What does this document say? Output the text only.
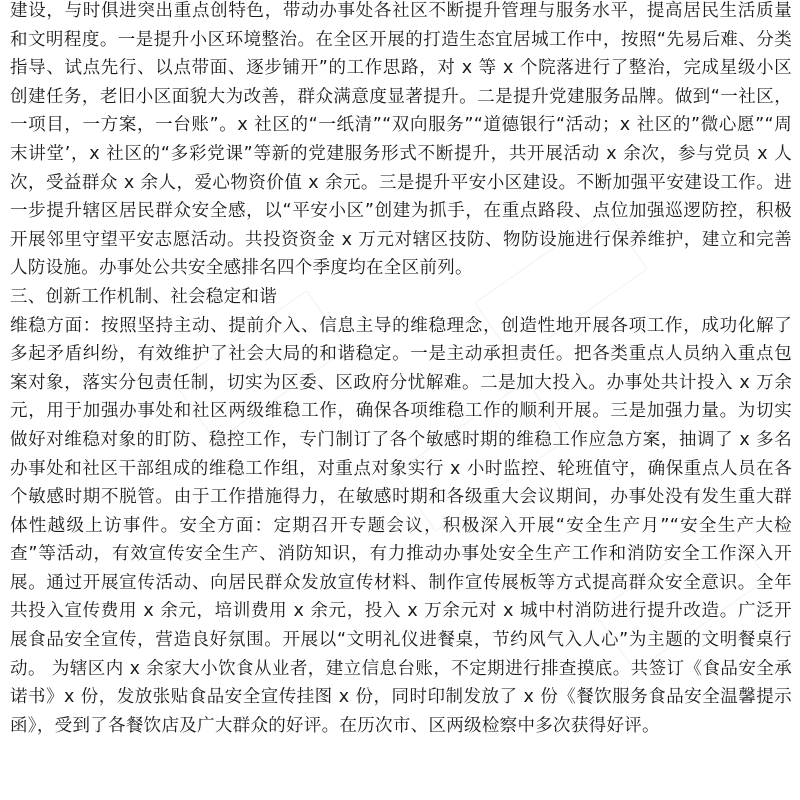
建设，与时俱进突出重点创特色，带动办事处各社区不断提升管理与服务水平，提高居民生活质量和文明程度。一是提升小区环境整治。在全区开展的打造生态宜居城工作中，按照“先易后难、分类指导、试点先行、以点带面、逐步铺开”的工作思路，对 x 等 x 个院落进行了整治，完成星级小区创建任务，老旧小区面貌大为改善，群众满意度显著提升。二是提升党建服务品牌。做到“一社区，一项目，一方案，一台账”。x 社区的“一纸清”“双向服务”“道德银行“活动；x 社区的”微心愿”“周末讲堂’，x 社区的“多彩党课”等新的党建服务形式不断提升，共开展活动 x 余次，参与党员 x 人次，受益群众 x 余人，爱心物资价值 x 余元。三是提升平安小区建设。不断加强平安建设工作。进一步提升辖区居民群众安全感，以“平安小区”创建为抓手，在重点路段、点位加强巡逻防控，积极开展邻里守望平安志愿活动。共投资资金 x 万元对辖区技防、物防设施进行保养维护，建立和完善人防设施。办事处公共安全感排名四个季度均在全区前列。

三、创新工作机制、社会稳定和谐

维稳方面：按照坚持主动、提前介入、信息主导的维稳理念，创造性地开展各项工作，成功化解了多起矛盾纠纷，有效维护了社会大局的和谐稳定。一是主动承担责任。把各类重点人员纳入重点包案对象，落实分包责任制，切实为区委、区政府分忧解难。二是加大投入。办事处共计投入 x 万余元，用于加强办事处和社区两级维稳工作，确保各项维稳工作的顺利开展。三是加强力量。为切实做好对维稳对象的盯防、稳控工作，专门制订了各个敏感时期的维稳工作应急方案，抽调了 x 多名办事处和社区干部组成的维稳工作组，对重点对象实行 x 小时监控、轮班值守，确保重点人员在各个敏感时期不脱管。由于工作措施得力，在敏感时期和各级重大会议期间，办事处没有发生重大群体性越级上访事件。安全方面：定期召开专题会议，积极深入开展“安全生产月”“安全生产大检查”等活动，有效宣传安全生产、消防知识，有力推动办事处安全生产工作和消防安全工作深入开展。通过开展宣传活动、向居民群众发放宣传材料、制作宣传展板等方式提高群众安全意识。全年共投入宣传费用 x 余元，培训费用 x 余元，投入 x 万余元对 x 城中村消防进行提升改造。广泛开展食品安全宣传，营造良好氛围。开展以“文明礼仪进餐桌，节约风气入人心”为主题的文明餐桌行动。 为辖区内 x 余家大小饮食从业者，建立信息台账，不定期进行排查摸底。共签订《食品安全承诺书》x 份，发放张贴食品安全宣传挂图 x 份，同时印制发放了 x 份《餐饮服务食品安全温馨提示函》，受到了各餐饮店及广大群众的好评。在历次市、区两级检察中多次获得好评。
